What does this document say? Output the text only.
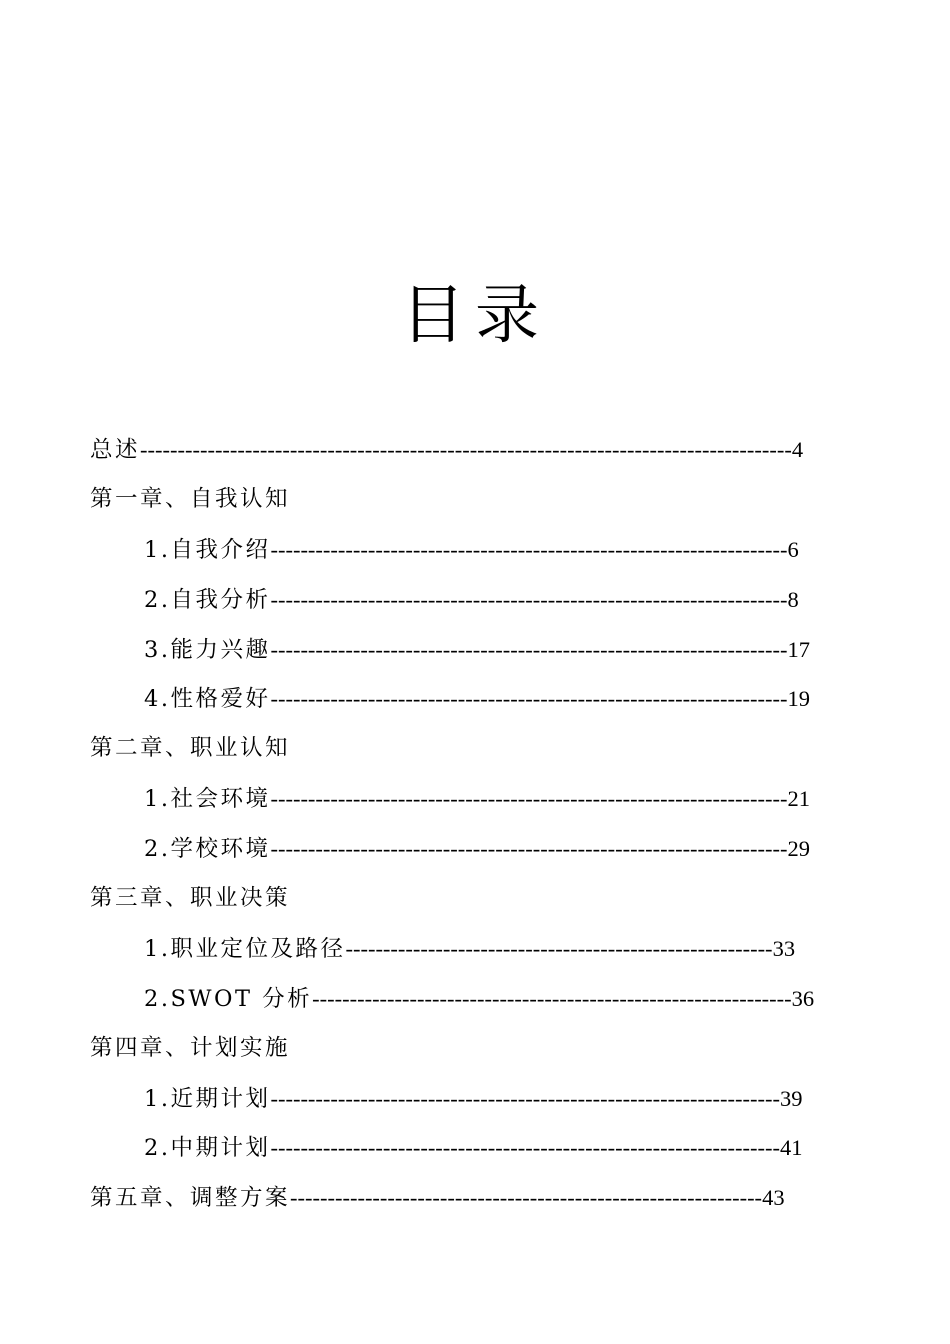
目录
总述---------------------------------------------------------------------------------------4
第一章、自我认知
1.自我介绍---------------------------------------------------------------------6
2.自我分析---------------------------------------------------------------------8
3.能力兴趣---------------------------------------------------------------------17
4.性格爱好---------------------------------------------------------------------19
第二章、职业认知
1.社会环境---------------------------------------------------------------------21
2.学校环境---------------------------------------------------------------------29
第三章、职业决策
1.职业定位及路径---------------------------------------------------------33
2.SWOT 分析----------------------------------------------------------------36
第四章、计划实施
1.近期计划--------------------------------------------------------------------39
2.中期计划--------------------------------------------------------------------41
第五章、调整方案---------------------------------------------------------------43
